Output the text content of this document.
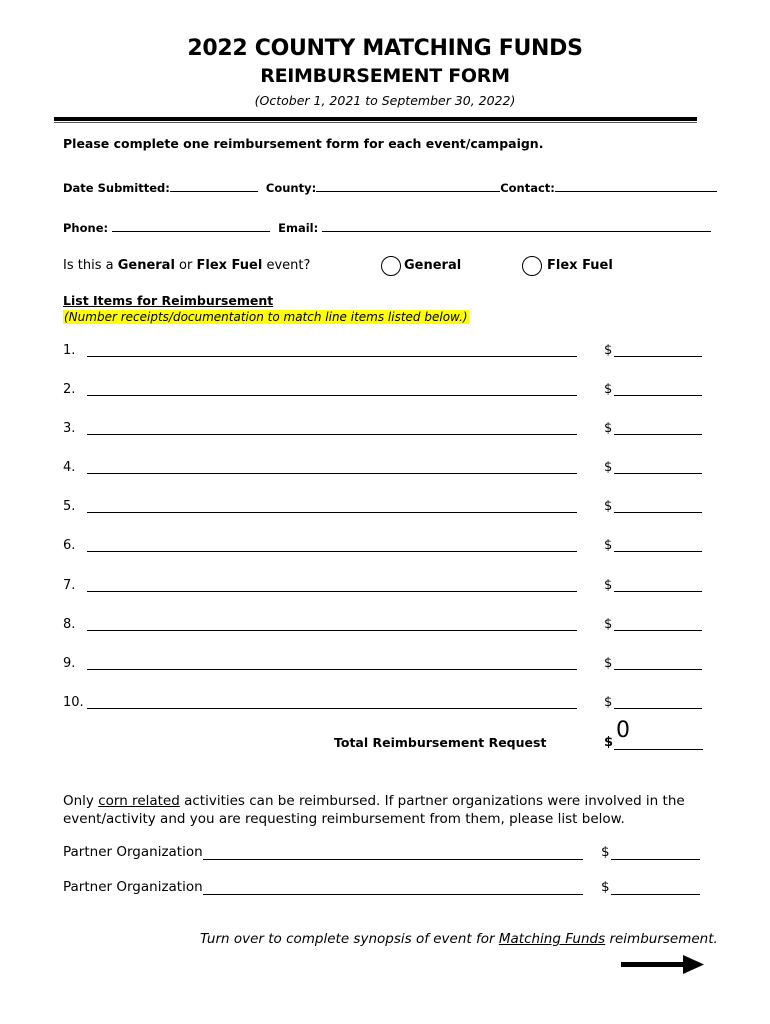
2022 COUNTY MATCHING FUNDS
REIMBURSEMENT FORM
(October 1, 2021 to September 30, 2022)
Please complete one reimbursement form for each event/campaign.
Date Submitted:	County:	Contact:
Phone:	Email:
Is this a General or Flex Fuel event?	General	Flex Fuel
List Items for Reimbursement
(Number receipts/documentation to match line items listed below.)
1.	$
2.	$
3.	$
4.	$
5.	$
6.	$
7.	$
8.	$
9.	$
10.	$
Total Reimbursement Request	$ 0
Only corn related activities can be reimbursed. If partner organizations were involved in the event/activity and you are requesting reimbursement from them, please list below.
Partner Organization	$
Partner Organization	$
Turn over to complete synopsis of event for Matching Funds reimbursement.
